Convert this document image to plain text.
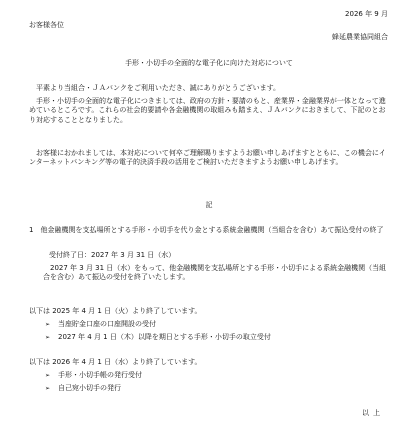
2026 年 9 月
お客様各位
蜂延農業協同組合
手形・小切手の全面的な電子化に向けた対応について
平素より当組合・ＪＡバンクをご利用いただき、誠にありがとうございます。
手形・小切手の全面的な電子化につきましては、政府の方針・要請のもと、産業界・金融業界が一体となって進めているところです。これらの社会的要請や各金融機関の取組みも踏まえ、ＪＡバンクにおきまして、下記のとおり対応することとなりました。
お客様におかれましては、本対応について何卒ご理解賜りますようお願い申しあげますとともに、この機会にインターネットバンキング等の電子的決済手段の活用をご検討いただきますようお願い申しあげます。
記
1　他金融機関を支払場所とする手形・小切手を代り金とする系統金融機関（当組合を含む）あて振込受付の終了
受付終了日：2027 年 3 月 31 日（水）
2027 年 3 月 31 日（水）をもって、他金融機関を支払場所とする手形・小切手による系統金融機関（当組合を含む）あて振込の受付を終了いたします。
以下は 2025 年 4 月 1 日（火）より終了しています。
➢ 当座貯金口座の口座開設の受付
➢ 2027 年 4 月 1 日（木）以降を期日とする手形・小切手の取立受付
以下は 2026 年 4 月 1 日（水）より終了しています。
➢ 手形・小切手帳の発行受付
➢ 自己宛小切手の発行
以上
